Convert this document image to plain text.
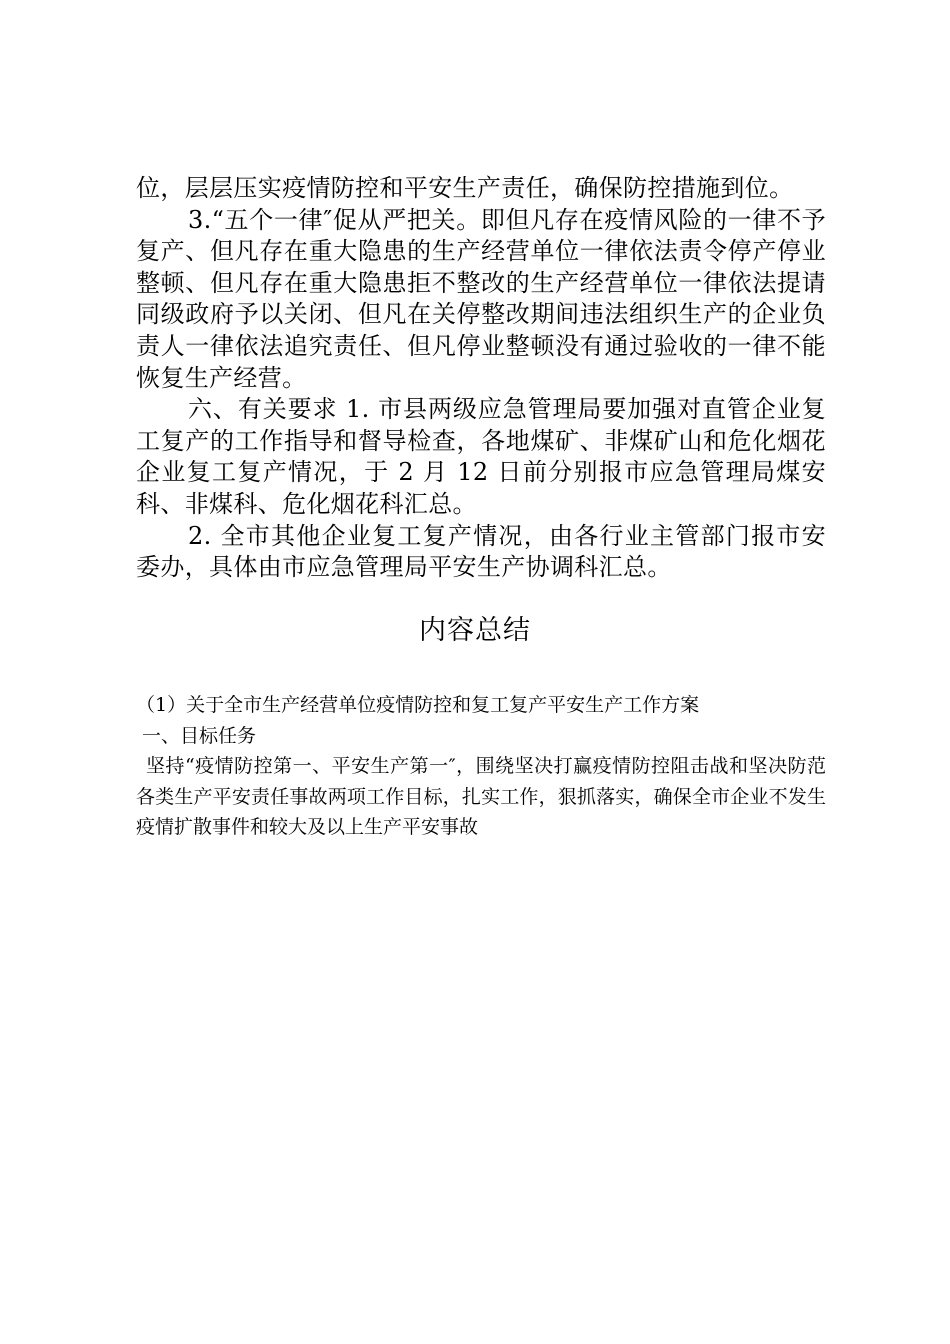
位，层层压实疫情防控和平安生产责任，确保防控措施到位。

3.“五个一律″促从严把关。即但凡存在疫情风险的一律不予复产、但凡存在重大隐患的生产经营单位一律依法责令停产停业整顿、但凡存在重大隐患拒不整改的生产经营单位一律依法提请同级政府予以关闭、但凡在关停整改期间违法组织生产的企业负责人一律依法追究责任、但凡停业整顿没有通过验收的一律不能恢复生产经营。

六、有关要求 1. 市县两级应急管理局要加强对直管企业复工复产的工作指导和督导检查，各地煤矿、非煤矿山和危化烟花企业复工复产情况，于 2 月 12 日前分别报市应急管理局煤安科、非煤科、危化烟花科汇总。

2. 全市其他企业复工复产情况，由各行业主管部门报市安委办，具体由市应急管理局平安生产协调科汇总。

内容总结

（1）关于全市生产经营单位疫情防控和复工复产平安生产工作方案

一、目标任务

坚持“疫情防控第一、平安生产第一″，围绕坚决打赢疫情防控阻击战和坚决防范各类生产平安责任事故两项工作目标，扎实工作，狠抓落实，确保全市企业不发生疫情扩散事件和较大及以上生产平安事故
